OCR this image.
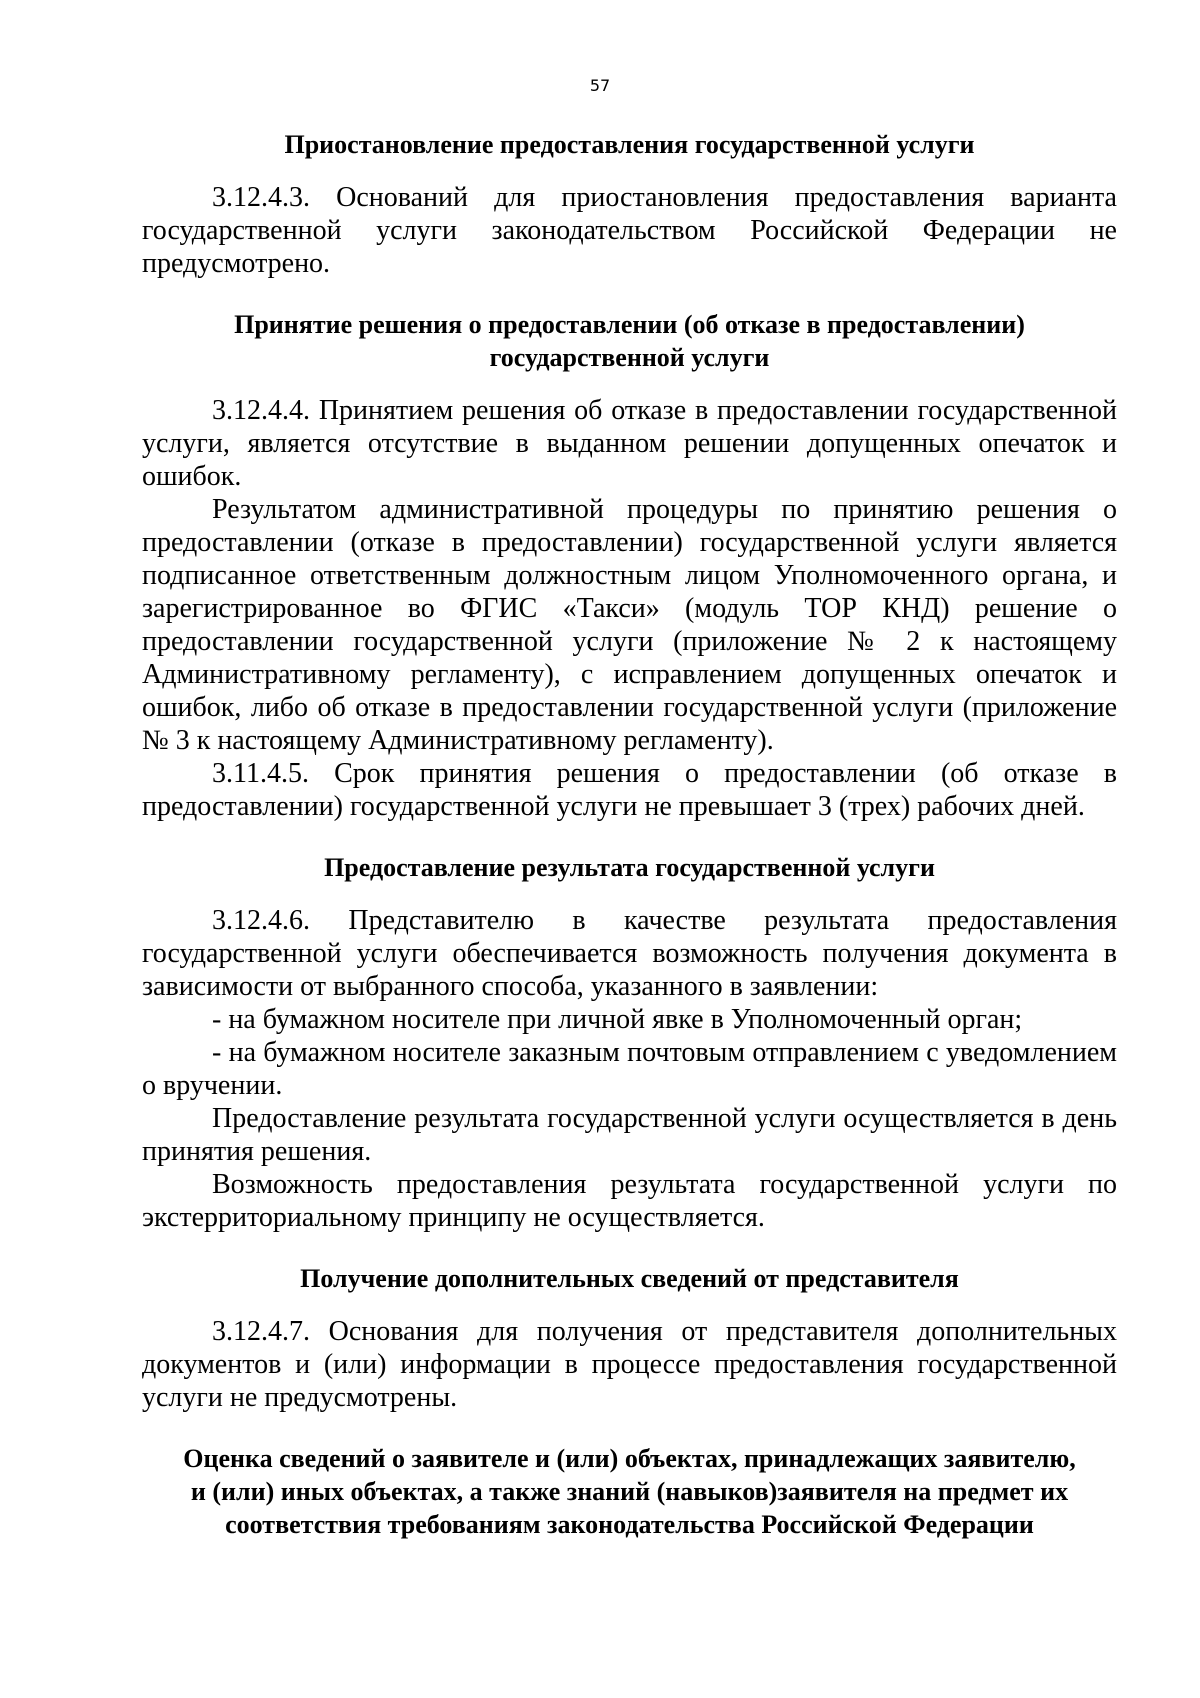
57
Приостановление предоставления государственной услуги

3.12.4.3. Оснований для приостановления предоставления варианта государственной услуги законодательством Российской Федерации не предусмотрено.

Принятие решения о предоставлении (об отказе в предоставлении)
государственной услуги

3.12.4.4. Принятием решения об отказе в предоставлении государственной услуги, является отсутствие в выданном решении допущенных опечаток и ошибок.

Результатом административной процедуры по принятию решения о предоставлении (отказе в предоставлении) государственной услуги является подписанное ответственным должностным лицом Уполномоченного органа, и зарегистрированное во ФГИС «Такси» (модуль ТОР КНД) решение о предоставлении государственной услуги (приложение № 2 к настоящему Административному регламенту), с исправлением допущенных опечаток и ошибок, либо об отказе в предоставлении государственной услуги (приложение № 3 к настоящему Административному регламенту).

3.11.4.5. Срок принятия решения о предоставлении (об отказе в предоставлении) государственной услуги не превышает 3 (трех) рабочих дней.

Предоставление результата государственной услуги

3.12.4.6. Представителю в качестве результата предоставления государственной услуги обеспечивается возможность получения документа в зависимости от выбранного способа, указанного в заявлении:

- на бумажном носителе при личной явке в Уполномоченный орган;

- на бумажном носителе заказным почтовым отправлением с уведомлением о вручении.

Предоставление результата государственной услуги осуществляется в день принятия решения.

Возможность предоставления результата государственной услуги по экстерриториальному принципу не осуществляется.

Получение дополнительных сведений от представителя

3.12.4.7. Основания для получения от представителя дополнительных документов и (или) информации в процессе предоставления государственной услуги не предусмотрены.

Оценка сведений о заявителе и (или) объектах, принадлежащих заявителю,
и (или) иных объектах, а также знаний (навыков)заявителя на предмет их
соответствия требованиям законодательства Российской Федерации
